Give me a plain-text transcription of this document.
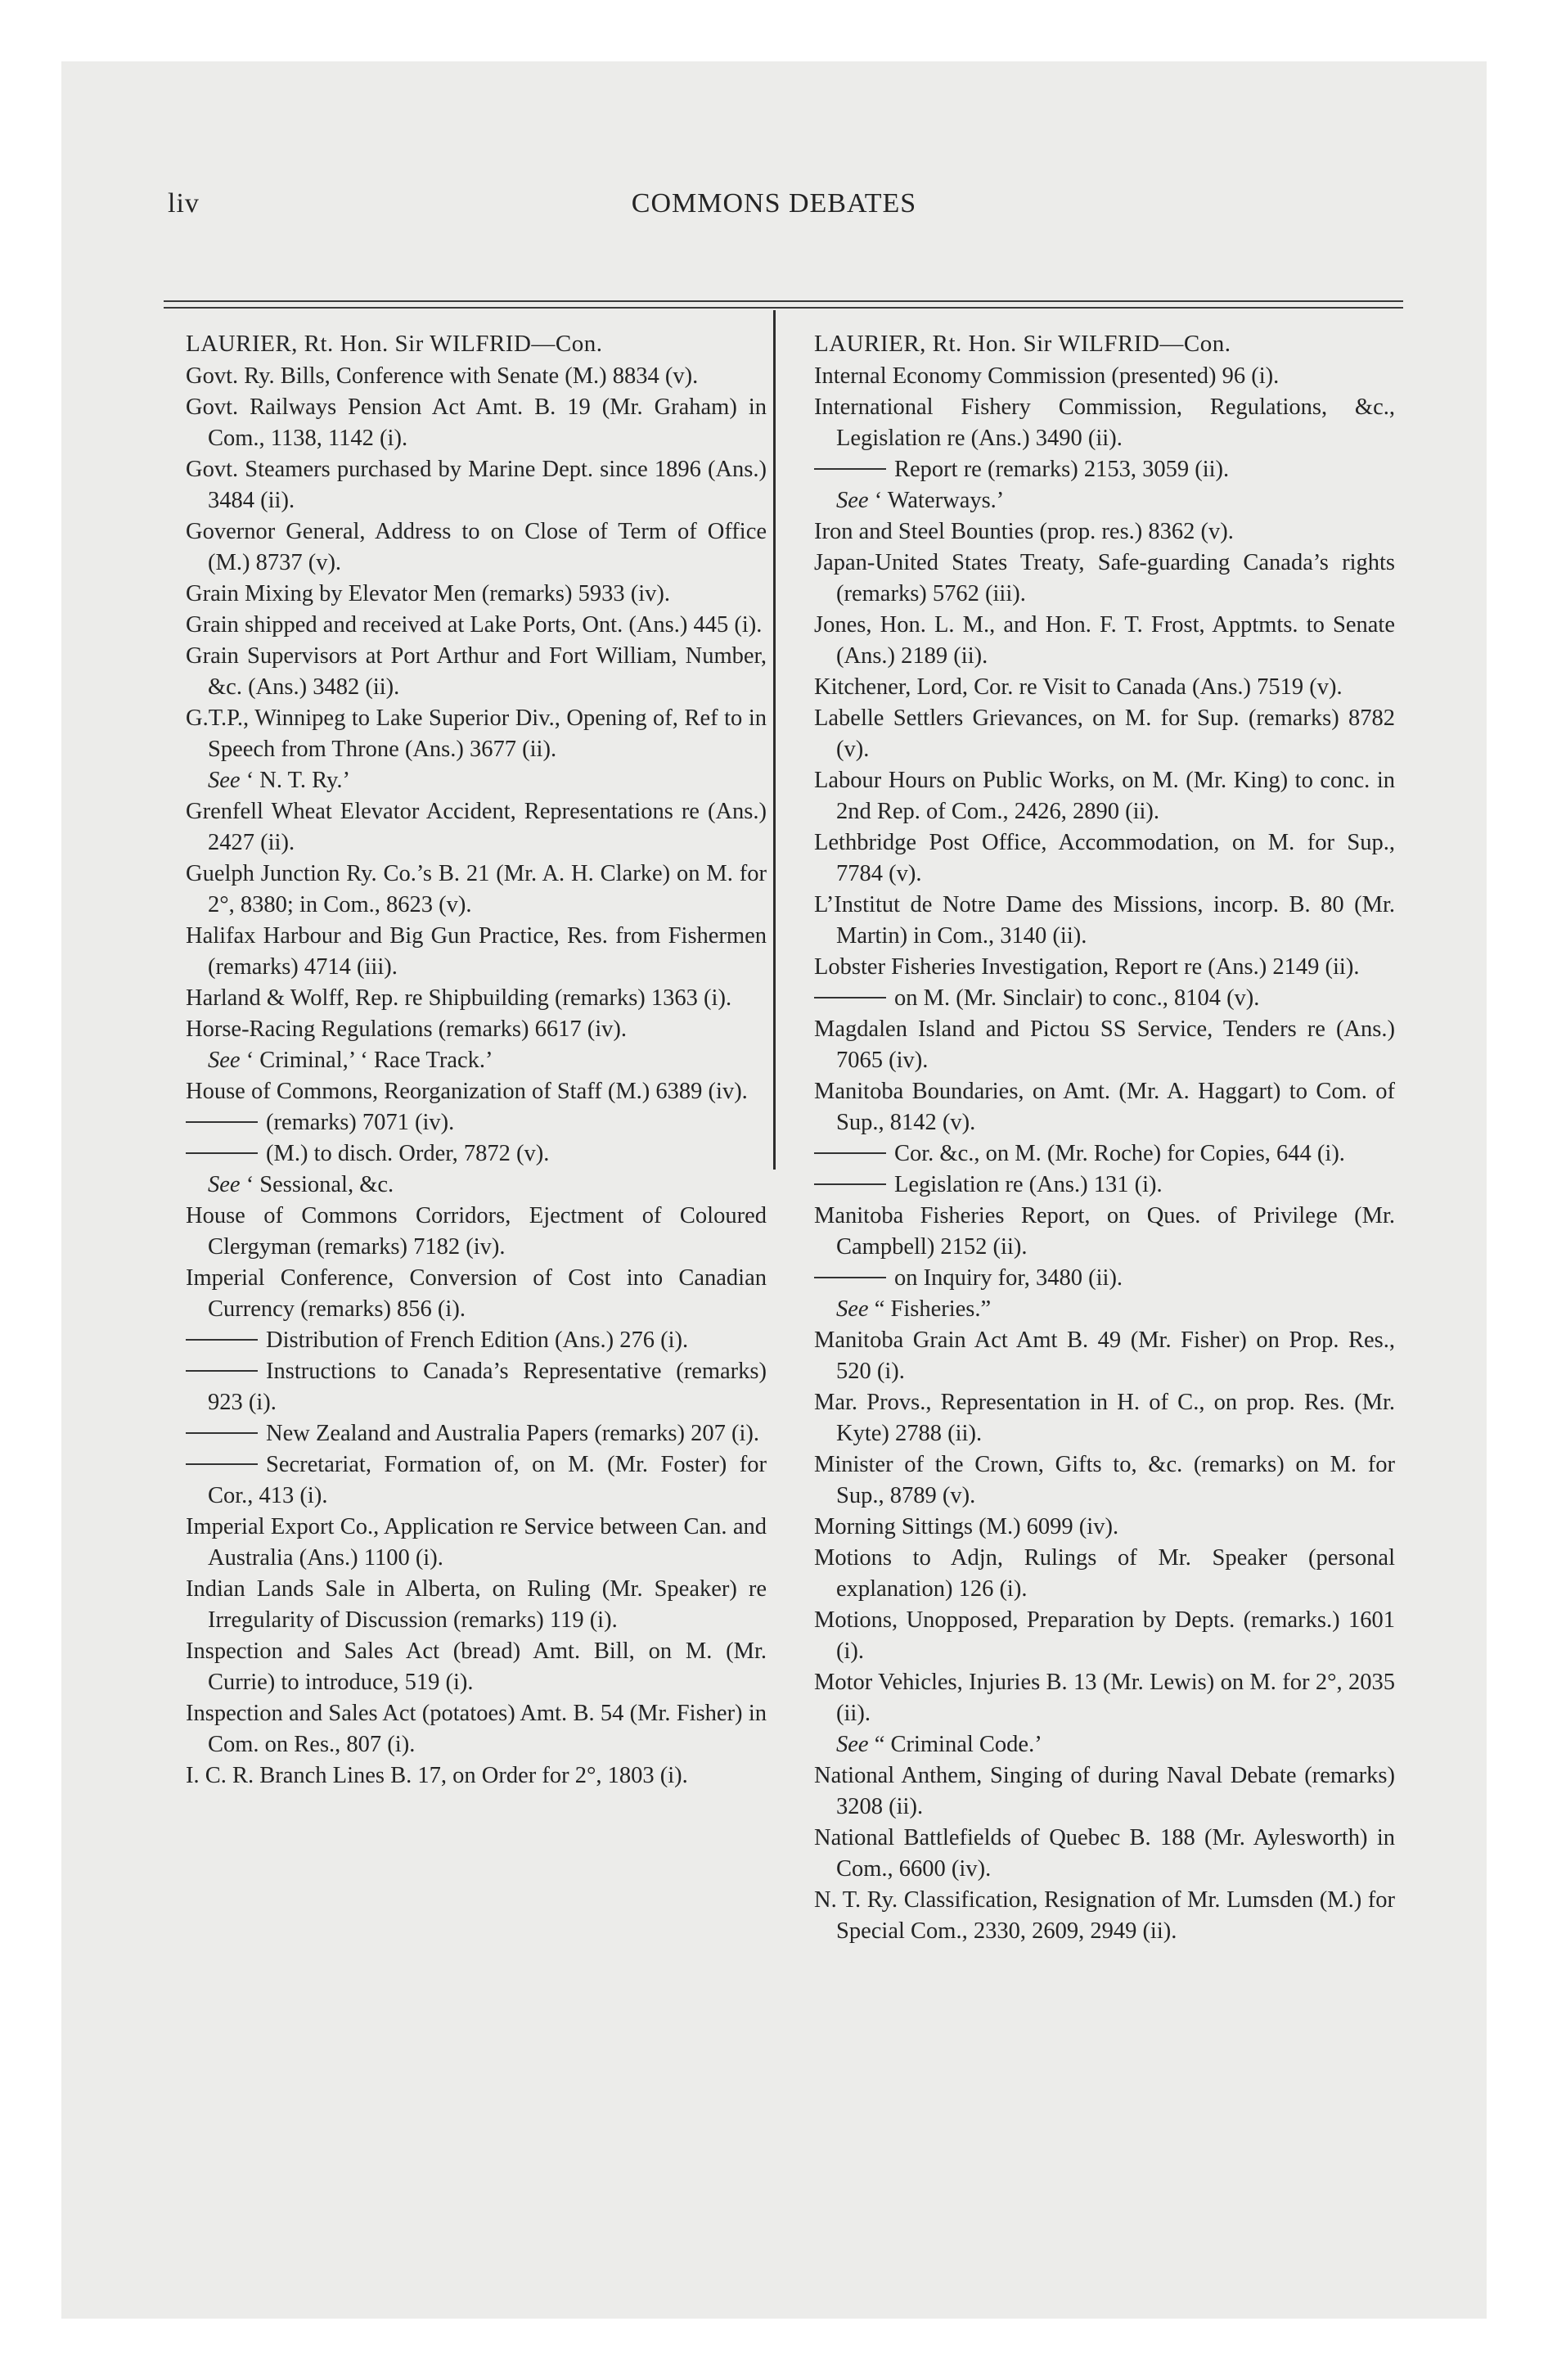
liv	COMMONS DEBATES
LAURIER, Rt. Hon. Sir WILFRID—Con.
Govt. Ry. Bills, Conference with Senate (M.) 8834 (v).
Govt. Railways Pension Act Amt. B. 19 (Mr. Graham) in Com., 1138, 1142 (i).
Govt. Steamers purchased by Marine Dept. since 1896 (Ans.) 3484 (ii).
Governor General, Address to on Close of Term of Office (M.) 8737 (v).
Grain Mixing by Elevator Men (remarks) 5933 (iv).
Grain shipped and received at Lake Ports, Ont. (Ans.) 445 (i).
Grain Supervisors at Port Arthur and Fort William, Number, &c. (Ans.) 3482 (ii).
G.T.P., Winnipeg to Lake Superior Div., Opening of, Ref to in Speech from Throne (Ans.) 3677 (ii).
See ‘ N. T. Ry.’
Grenfell Wheat Elevator Accident, Representations re (Ans.) 2427 (ii).
Guelph Junction Ry. Co.’s B. 21 (Mr. A. H. Clarke) on M. for 2°, 8380; in Com., 8623 (v).
Halifax Harbour and Big Gun Practice, Res. from Fishermen (remarks) 4714 (iii).
Harland & Wolff, Rep. re Shipbuilding (remarks) 1363 (i).
Horse-Racing Regulations (remarks) 6617 (iv).
See ‘ Criminal,’ ‘ Race Track.’
House of Commons, Reorganization of Staff (M.) 6389 (iv).
(remarks) 7071 (iv).
(M.) to disch. Order, 7872 (v).
See ‘ Sessional, &c.
House of Commons Corridors, Ejectment of Coloured Clergyman (remarks) 7182 (iv).
Imperial Conference, Conversion of Cost into Canadian Currency (remarks) 856 (i).
Distribution of French Edition (Ans.) 276 (i).
Instructions to Canada’s Representative (remarks) 923 (i).
New Zealand and Australia Papers (remarks) 207 (i).
Secretariat, Formation of, on M. (Mr. Foster) for Cor., 413 (i).
Imperial Export Co., Application re Service between Can. and Australia (Ans.) 1100 (i).
Indian Lands Sale in Alberta, on Ruling (Mr. Speaker) re Irregularity of Discussion (remarks) 119 (i).
Inspection and Sales Act (bread) Amt. Bill, on M. (Mr. Currie) to introduce, 519 (i).
Inspection and Sales Act (potatoes) Amt. B. 54 (Mr. Fisher) in Com. on Res., 807 (i).
I. C. R. Branch Lines B. 17, on Order for 2°, 1803 (i).
LAURIER, Rt. Hon. Sir WILFRID—Con.
Internal Economy Commission (presented) 96 (i).
International Fishery Commission, Regulations, &c., Legislation re (Ans.) 3490 (ii).
Report re (remarks) 2153, 3059 (ii).
See ‘ Waterways.’
Iron and Steel Bounties (prop. res.) 8362 (v).
Japan-United States Treaty, Safe-guarding Canada’s rights (remarks) 5762 (iii).
Jones, Hon. L. M., and Hon. F. T. Frost, Apptmts. to Senate (Ans.) 2189 (ii).
Kitchener, Lord, Cor. re Visit to Canada (Ans.) 7519 (v).
Labelle Settlers Grievances, on M. for Sup. (remarks) 8782 (v).
Labour Hours on Public Works, on M. (Mr. King) to conc. in 2nd Rep. of Com., 2426, 2890 (ii).
Lethbridge Post Office, Accommodation, on M. for Sup., 7784 (v).
L’Institut de Notre Dame des Missions, incorp. B. 80 (Mr. Martin) in Com., 3140 (ii).
Lobster Fisheries Investigation, Report re (Ans.) 2149 (ii).
on M. (Mr. Sinclair) to conc., 8104 (v).
Magdalen Island and Pictou SS Service, Tenders re (Ans.) 7065 (iv).
Manitoba Boundaries, on Amt. (Mr. A. Haggart) to Com. of Sup., 8142 (v).
Cor. &c., on M. (Mr. Roche) for Copies, 644 (i).
Legislation re (Ans.) 131 (i).
Manitoba Fisheries Report, on Ques. of Privilege (Mr. Campbell) 2152 (ii).
on Inquiry for, 3480 (ii).
See “ Fisheries.”
Manitoba Grain Act Amt B. 49 (Mr. Fisher) on Prop. Res., 520 (i).
Mar. Provs., Representation in H. of C., on prop. Res. (Mr. Kyte) 2788 (ii).
Minister of the Crown, Gifts to, &c. (remarks) on M. for Sup., 8789 (v).
Morning Sittings (M.) 6099 (iv).
Motions to Adjn, Rulings of Mr. Speaker (personal explanation) 126 (i).
Motions, Unopposed, Preparation by Depts. (remarks.) 1601 (i).
Motor Vehicles, Injuries B. 13 (Mr. Lewis) on M. for 2°, 2035 (ii).
See “ Criminal Code.’
National Anthem, Singing of during Naval Debate (remarks) 3208 (ii).
National Battlefields of Quebec B. 188 (Mr. Aylesworth) in Com., 6600 (iv).
N. T. Ry. Classification, Resignation of Mr. Lumsden (M.) for Special Com., 2330, 2609, 2949 (ii).
